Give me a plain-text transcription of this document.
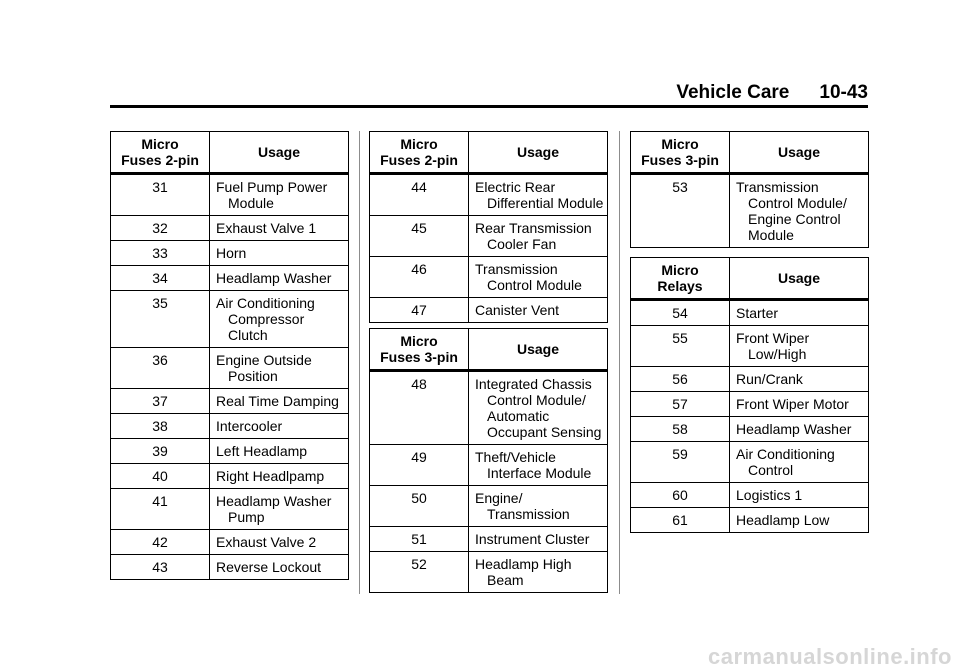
Vehicle Care 10-43
Micro
Fuses 2-pin	Usage
31	Fuel Pump Power Module
32	Exhaust Valve 1
33	Horn
34	Headlamp Washer
35	Air Conditioning Compressor Clutch
36	Engine Outside Position
37	Real Time Damping
38	Intercooler
39	Left Headlamp
40	Right Headlpamp
41	Headlamp Washer Pump
42	Exhaust Valve 2
43	Reverse Lockout
Micro
Fuses 2-pin	Usage
44	Electric Rear Differential Module
45	Rear Transmission Cooler Fan
46	Transmission Control Module
47	Canister Vent
Micro
Fuses 3-pin	Usage
48	Integrated Chassis Control Module/ Automatic Occupant Sensing
49	Theft/Vehicle Interface Module
50	Engine/ Transmission
51	Instrument Cluster
52	Headlamp High Beam
Micro
Fuses 3-pin	Usage
53	Transmission Control Module/ Engine Control Module
Micro
Relays	Usage
54	Starter
55	Front Wiper Low/High
56	Run/Crank
57	Front Wiper Motor
58	Headlamp Washer
59	Air Conditioning Control
60	Logistics 1
61	Headlamp Low
carmanualsonline.info
